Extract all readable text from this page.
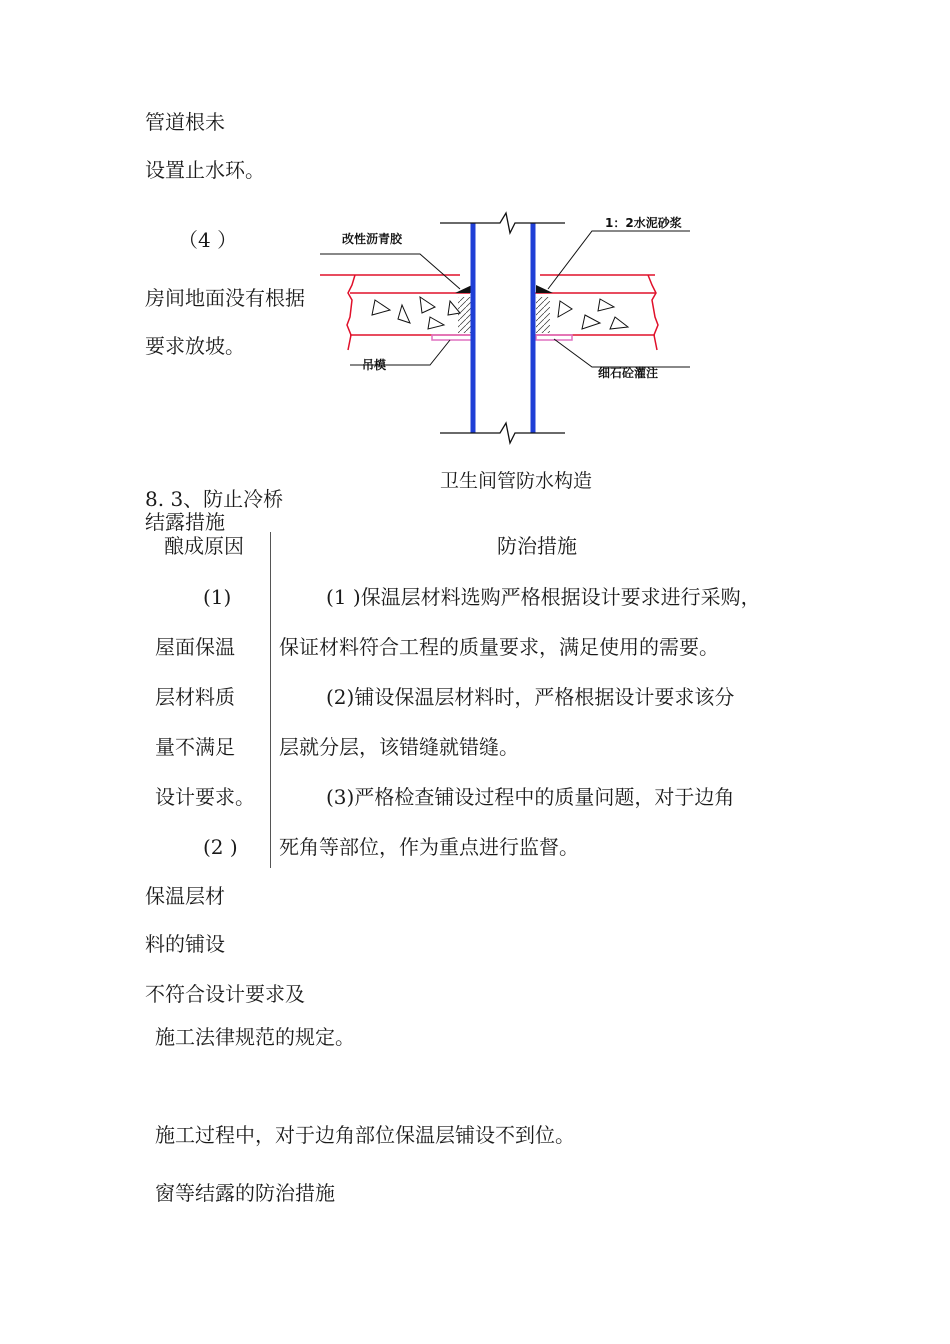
管道根未
设置止水环。
（4 ）
房间地面没有根据
要求放坡。
改性沥青胶
1：2水泥砂浆
吊模
细石砼灌注
卫生间管防水构造
8. 3、防止冷桥
结露措施
酿成原因	防治措施
(1)
屋面保温
层材料质
量不满足
设计要求。
(2 )
(1 )保温层材料选购严格根据设计要求进行采购，
保证材料符合工程的质量要求，满足使用的需要。
(2)铺设保温层材料时，严格根据设计要求该分
层就分层，该错缝就错缝。
(3)严格检查铺设过程中的质量问题，对于边角
死角等部位，作为重点进行监督。
保温层材
料的铺设
不符合设计要求及
施工法律规范的规定。
施工过程中，对于边角部位保温层铺设不到位。
窗等结露的防治措施
